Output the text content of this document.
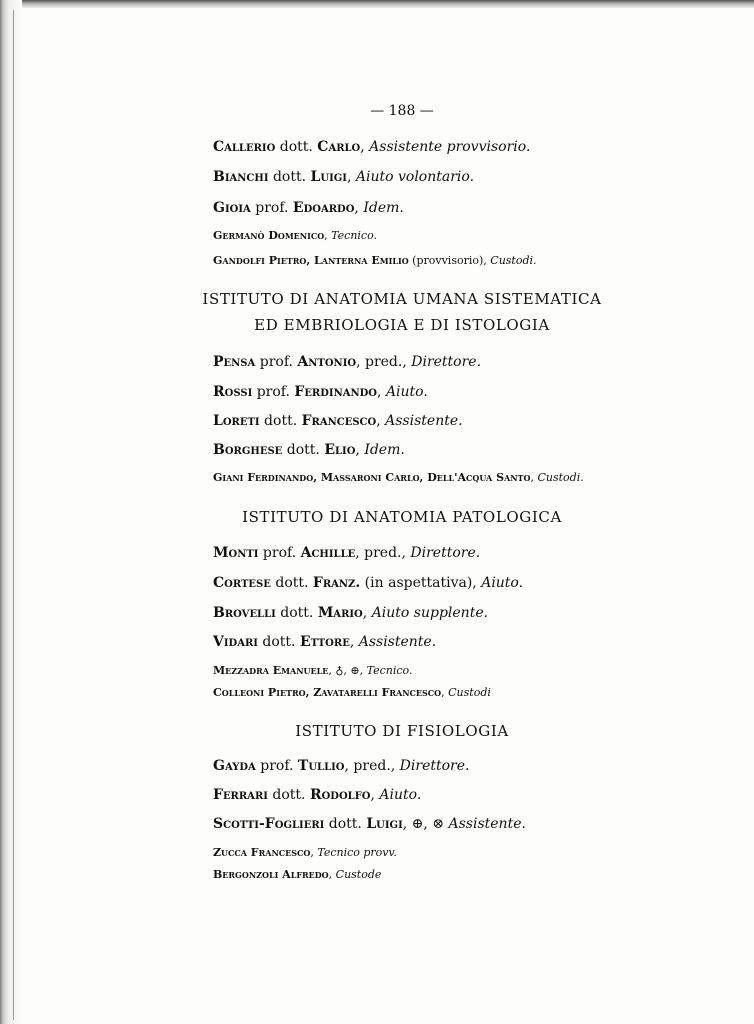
— 188 —
Callerio dott. Carlo, Assistente provvisorio.
Bianchi dott. Luigi, Aiuto volontario.
Gioia prof. Edoardo, Idem.
Germanò Domenico, Tecnico.
Gandolfi Pietro, Lanterna Emilio (provvisorio), Custodi.
ISTITUTO DI ANATOMIA UMANA SISTEMATICA
ED EMBRIOLOGIA E DI ISTOLOGIA
Pensa prof. Antonio, pred., Direttore.
Rossi prof. Ferdinando, Aiuto.
Loreti dott. Francesco, Assistente.
Borghese dott. Elio, Idem.
Giani Ferdinando, Massaroni Carlo, Dell'Acqua Santo, Custodi.
ISTITUTO DI ANATOMIA PATOLOGICA
Monti prof. Achille, pred., Direttore.
Cortese dott. Franz. (in aspettativa), Aiuto.
Brovelli dott. Mario, Aiuto supplente.
Vidari dott. Ettore, Assistente.
Mezzadra Emanuele, ♁, ⊕, Tecnico.
Colleoni Pietro, Zavatarelli Francesco, Custodi
ISTITUTO DI FISIOLOGIA
Gayda prof. Tullio, pred., Direttore.
Ferrari dott. Rodolfo, Aiuto.
Scotti-Foglieri dott. Luigi, ⊕, ⊗ Assistente.
Zucca Francesco, Tecnico provv.
Bergonzoli Alfredo, Custode
